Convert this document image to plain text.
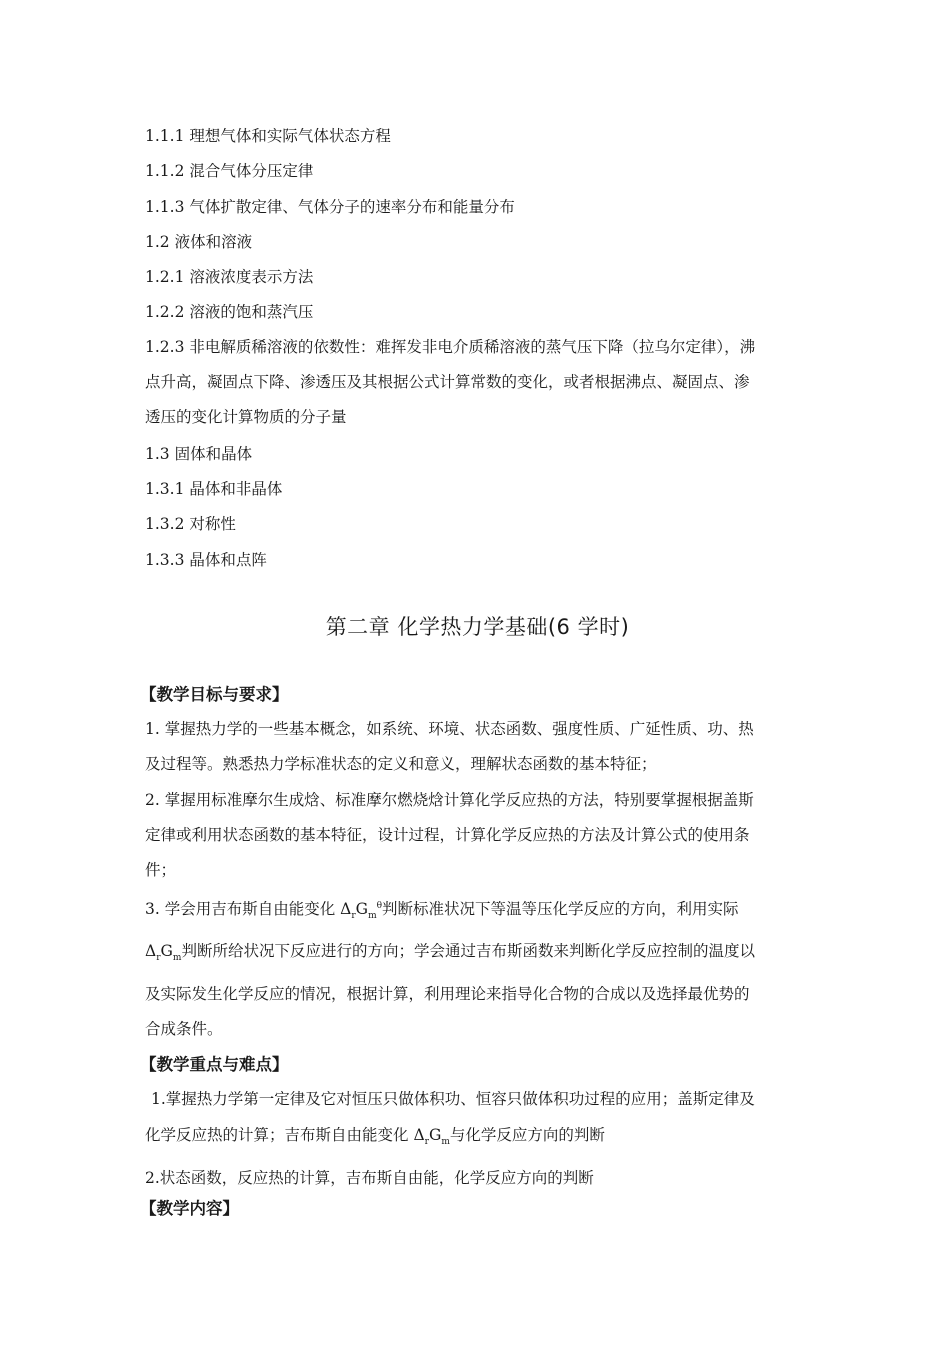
1.1.1 理想气体和实际气体状态方程
1.1.2 混合气体分压定律
1.1.3 气体扩散定律、气体分子的速率分布和能量分布
1.2 液体和溶液
1.2.1 溶液浓度表示方法
1.2.2 溶液的饱和蒸汽压
1.2.3 非电解质稀溶液的依数性：难挥发非电介质稀溶液的蒸气压下降（拉乌尔定律），沸
点升高，凝固点下降、渗透压及其根据公式计算常数的变化，或者根据沸点、凝固点、渗
透压的变化计算物质的分子量
1.3 固体和晶体
1.3.1 晶体和非晶体
1.3.2 对称性
1.3.3 晶体和点阵
第二章 化学热力学基础(6 学时)
【教学目标与要求】
1. 掌握热力学的一些基本概念，如系统、环境、状态函数、强度性质、广延性质、功、热
及过程等。熟悉热力学标准状态的定义和意义，理解状态函数的基本特征；
2. 掌握用标准摩尔生成焓、标准摩尔燃烧焓计算化学反应热的方法，特别要掌握根据盖斯
定律或利用状态函数的基本特征，设计过程，计算化学反应热的方法及计算公式的使用条
件；
3. 学会用吉布斯自由能变化 $\Delta_rG_m^\theta$判断标准状况下等温等压化学反应的方向，利用实际
$\Delta_rG_m$判断所给状况下反应进行的方向；学会通过吉布斯函数来判断化学反应控制的温度以
及实际发生化学反应的情况，根据计算，利用理论来指导化合物的合成以及选择最优势的
合成条件。
【教学重点与难点】
1.掌握热力学第一定律及它对恒压只做体积功、恒容只做体积功过程的应用；盖斯定律及
化学反应热的计算；吉布斯自由能变化 $\Delta_rG_m$与化学反应方向的判断
2.状态函数，反应热的计算，吉布斯自由能，化学反应方向的判断
【教学内容】
